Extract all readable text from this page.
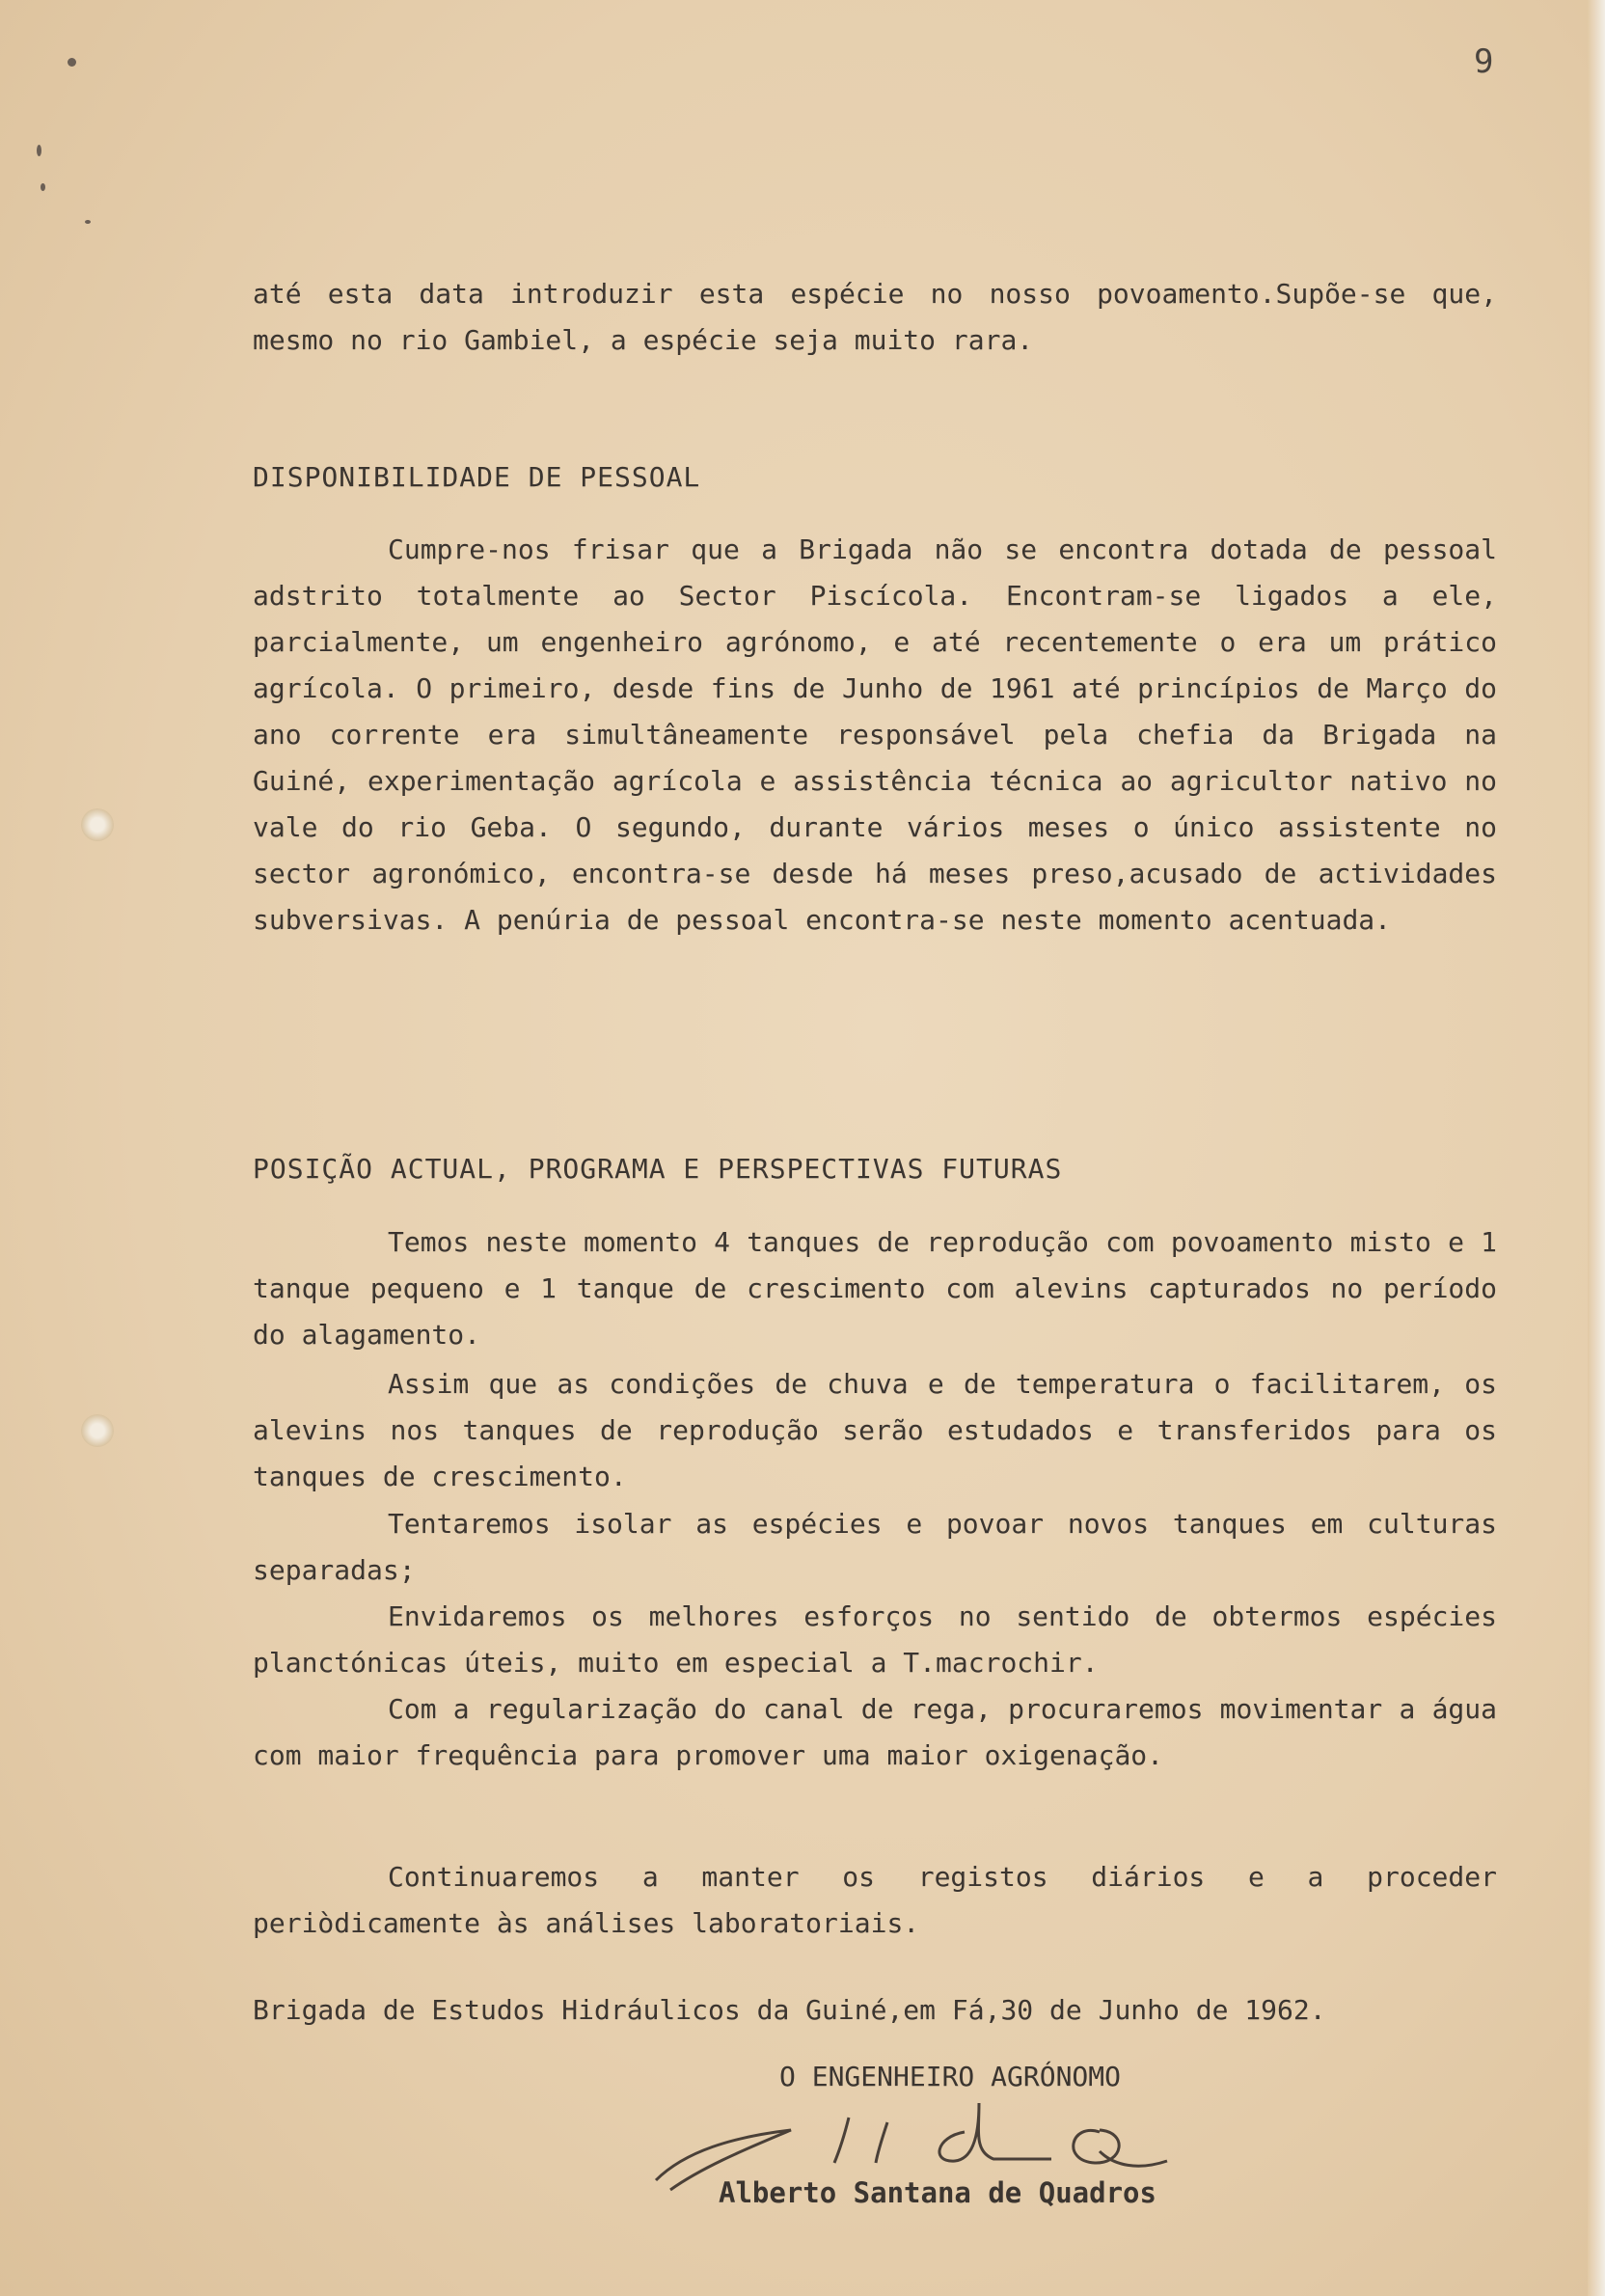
9

até esta data introduzir esta espécie no nosso povoamento.Supõe-se que, mesmo no rio Gambiel, a espécie seja muito rara.

DISPONIBILIDADE DE PESSOAL

Cumpre-nos frisar que a Brigada não se encontra dotada de pessoal adstrito totalmente ao Sector Piscícola. Encontram-se ligados a ele, parcialmente, um engenheiro agrónomo, e até recentemente o era um prático agrícola. O primeiro, desde fins de Junho de 1961 até princípios de Março do ano corrente era simultâneamente responsável pela chefia da Brigada na Guiné, experimentação agrícola e assistência técnica ao agricultor nativo no vale do rio Geba. O segundo, durante vários meses o único assistente no sector agronómico, encontra-se desde há meses preso,acusado de actividades subversivas. A penúria de pessoal encontra-se neste momento acentuada.

POSIÇÃO ACTUAL, PROGRAMA E PERSPECTIVAS FUTURAS

Temos neste momento 4 tanques de reprodução com povoamento misto e 1 tanque pequeno e 1 tanque de crescimento com alevins capturados no período do alagamento.

Assim que as condições de chuva e de temperatura o facilitarem, os alevins nos tanques de reprodução serão estudados e transferidos para os tanques de crescimento.

Tentaremos isolar as espécies e povoar novos tanques em culturas separadas;

Envidaremos os melhores esforços no sentido de obtermos espécies planctónicas úteis, muito em especial a T.macrochir.

Com a regularização do canal de rega, procuraremos movimentar a água com maior frequência para promover uma maior oxigenação.

Continuaremos a manter os registos diários e a proceder periòdicamente às análises laboratoriais.

Brigada de Estudos Hidráulicos da Guiné,em Fá,30 de Junho de 1962.

O ENGENHEIRO AGRÓNOMO

Alberto Santana de Quadros
